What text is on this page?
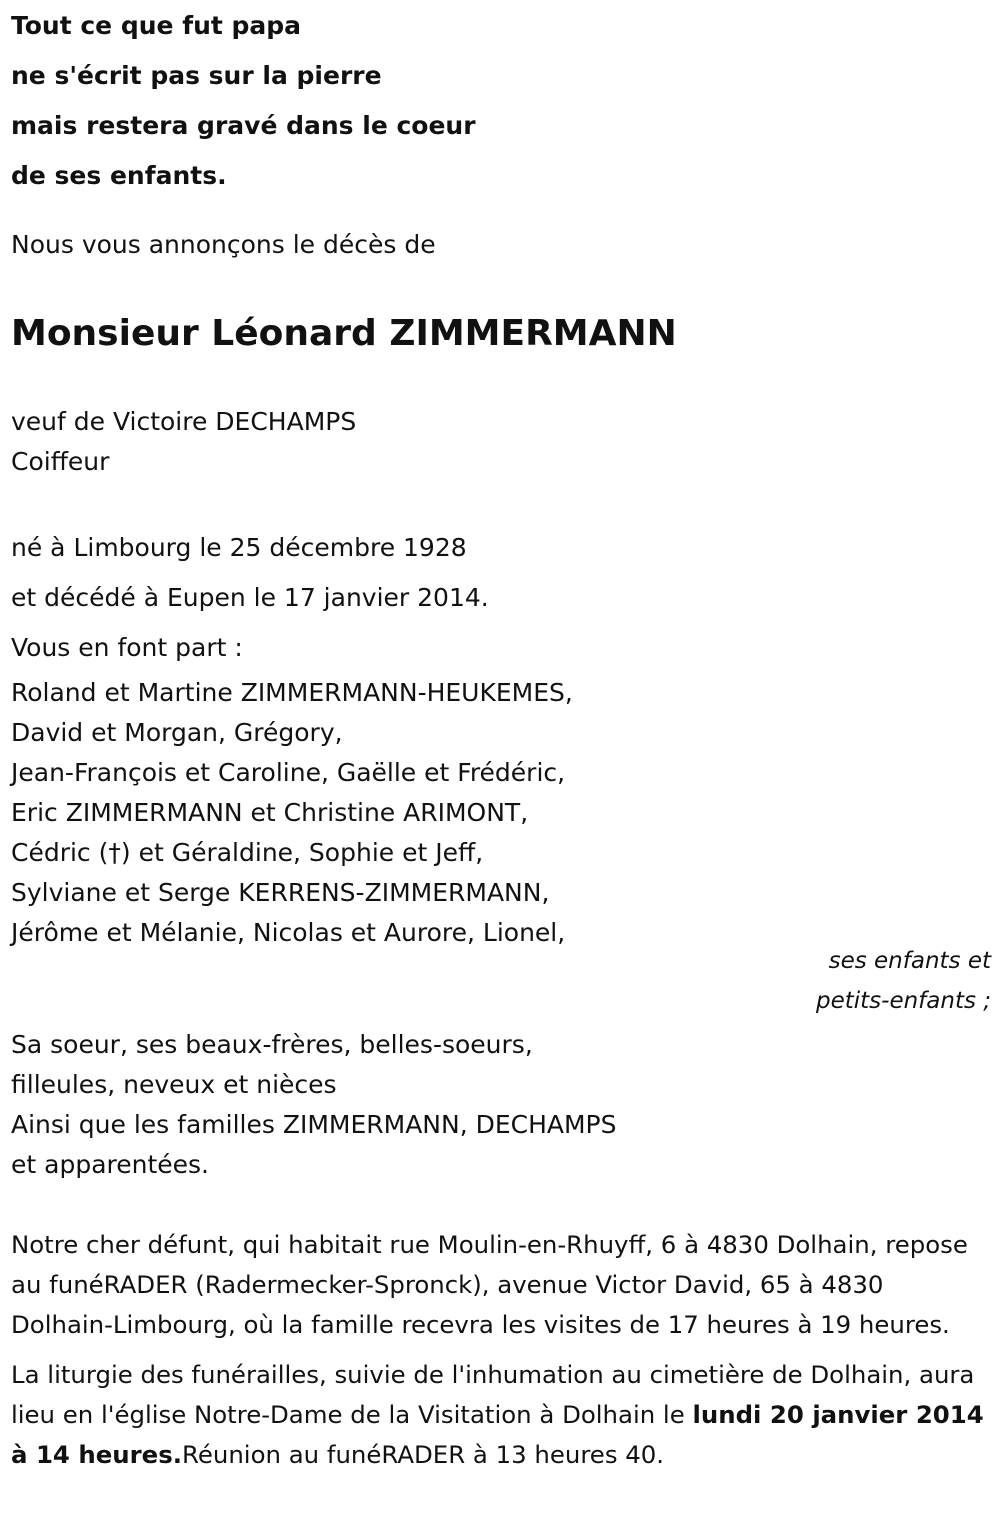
Tout ce que fut papa
ne s'écrit pas sur la pierre
mais restera gravé dans le coeur
de ses enfants.
Nous vous annonçons le décès de
Monsieur Léonard ZIMMERMANN
veuf de Victoire DECHAMPS
Coiffeur
né à Limbourg le 25 décembre 1928
et décédé à Eupen le 17 janvier 2014.
Vous en font part :
Roland et Martine ZIMMERMANN-HEUKEMES,
David et Morgan, Grégory,
Jean-François et Caroline, Gaëlle et Frédéric,
Eric ZIMMERMANN et Christine ARIMONT,
Cédric (†) et Géraldine, Sophie et Jeff,
Sylviane et Serge KERRENS-ZIMMERMANN,
Jérôme et Mélanie, Nicolas et Aurore, Lionel,
ses enfants et
petits-enfants ;
Sa soeur, ses beaux-frères, belles-soeurs,
filleules, neveux et nièces
Ainsi que les familles ZIMMERMANN, DECHAMPS
et apparentées.
Notre cher défunt, qui habitait rue Moulin-en-Rhuyff, 6 à 4830 Dolhain, repose au funéRADER (Radermecker-Spronck), avenue Victor David, 65 à 4830 Dolhain-Limbourg, où la famille recevra les visites de 17 heures à 19 heures.
La liturgie des funérailles, suivie de l'inhumation au cimetière de Dolhain, aura lieu en l'église Notre-Dame de la Visitation à Dolhain le lundi 20 janvier 2014 à 14 heures.Réunion au funéRADER à 13 heures 40.
